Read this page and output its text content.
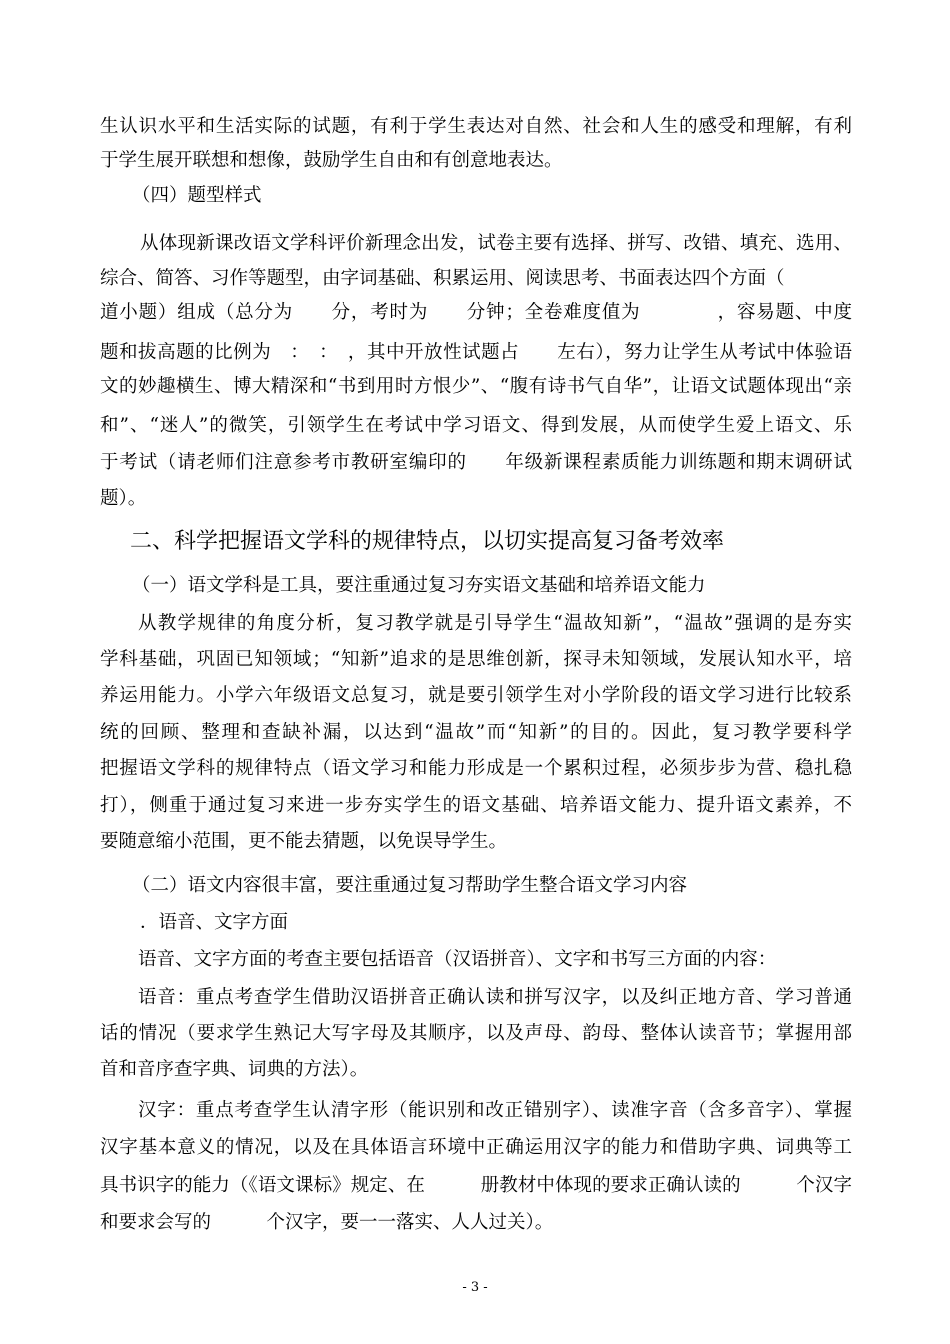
生认识水平和生活实际的试题，有利于学生表达对自然、社会和人生的感受和理解，有利
于学生展开联想和想像，鼓励学生自由和有创意地表达。
（四）题型样式
从体现新课改语文学科评价新理念出发，试卷主要有选择、拼写、改错、填充、选用、
综合、简答、习作等题型，由字词基础、积累运用、阅读思考、书面表达四个方面（
道小题）组成（总分为　　分，考时为　　分钟；全卷难度值为　　　　，容易题、中度
题和拔高题的比例为　：　：　，其中开放性试题占　　左右），努力让学生从考试中体验语
文的妙趣横生、博大精深和“书到用时方恨少”、“腹有诗书气自华”，让语文试题体现出“亲
和”、“迷人”的微笑，引领学生在考试中学习语文、得到发展，从而使学生爱上语文、乐
于考试（请老师们注意参考市教研室编印的　　年级新课程素质能力训练题和期末调研试
题）。
二、科学把握语文学科的规律特点，以切实提高复习备考效率
（一）语文学科是工具，要注重通过复习夯实语文基础和培养语文能力
从教学规律的角度分析，复习教学就是引导学生“温故知新”，“温故”强调的是夯实
学科基础，巩固已知领域；“知新”追求的是思维创新，探寻未知领域，发展认知水平，培
养运用能力。小学六年级语文总复习，就是要引领学生对小学阶段的语文学习进行比较系
统的回顾、整理和查缺补漏，以达到“温故”而“知新”的目的。因此，复习教学要科学
把握语文学科的规律特点（语文学习和能力形成是一个累积过程，必须步步为营、稳扎稳
打），侧重于通过复习来进一步夯实学生的语文基础、培养语文能力、提升语文素养，不
要随意缩小范围，更不能去猜题，以免误导学生。
（二）语文内容很丰富，要注重通过复习帮助学生整合语文学习内容
．语音、文字方面
语音、文字方面的考查主要包括语音（汉语拼音）、文字和书写三方面的内容：
语音：重点考查学生借助汉语拼音正确认读和拼写汉字，以及纠正地方音、学习普通
话的情况（要求学生熟记大写字母及其顺序，以及声母、韵母、整体认读音节；掌握用部
首和音序查字典、词典的方法）。
汉字：重点考查学生认清字形（能识别和改正错别字）、读准字音（含多音字）、掌握
汉字基本意义的情况，以及在具体语言环境中正确运用汉字的能力和借助字典、词典等工
具书识字的能力（《语文课标》规定、在　　　册教材中体现的要求正确认读的　　　个汉字
和要求会写的　　　个汉字，要一一落实、人人过关）。
- 3 -
